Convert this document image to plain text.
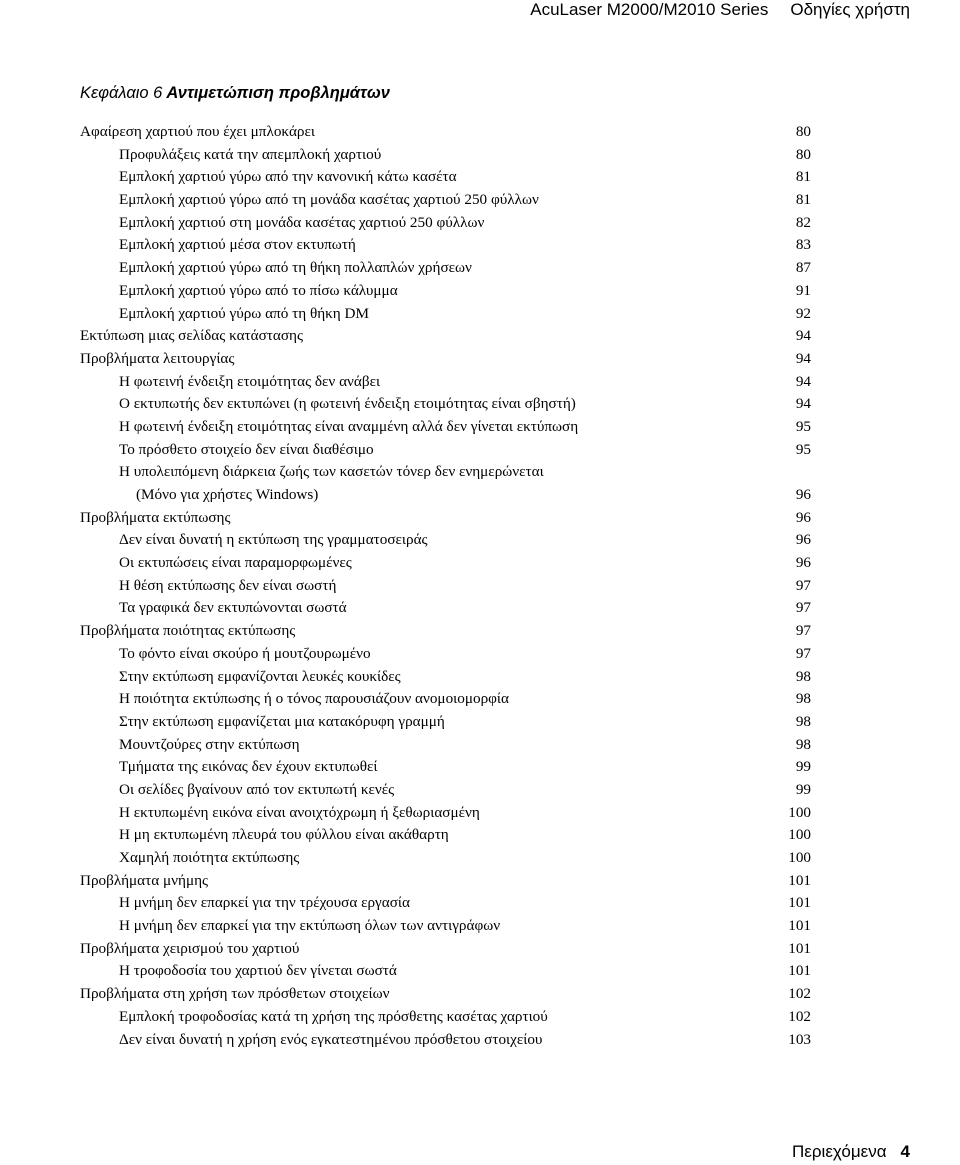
AcuLaser M2000/M2010 Series Οδηγίες χρήστη
Κεφάλαιο 6 Αντιμετώπιση προβλημάτων
Αφαίρεση χαρτιού που έχει μπλοκάρει	80
Προφυλάξεις κατά την απεμπλοκή χαρτιού	80
Εμπλοκή χαρτιού γύρω από την κανονική κάτω κασέτα	81
Εμπλοκή χαρτιού γύρω από τη μονάδα κασέτας χαρτιού 250 φύλλων	81
Εμπλοκή χαρτιού στη μονάδα κασέτας χαρτιού 250 φύλλων	82
Εμπλοκή χαρτιού μέσα στον εκτυπωτή	83
Εμπλοκή χαρτιού γύρω από τη θήκη πολλαπλών χρήσεων	87
Εμπλοκή χαρτιού γύρω από το πίσω κάλυμμα	91
Εμπλοκή χαρτιού γύρω από τη θήκη DM	92
Εκτύπωση μιας σελίδας κατάστασης	94
Προβλήματα λειτουργίας	94
Η φωτεινή ένδειξη ετοιμότητας δεν ανάβει	94
Ο εκτυπωτής δεν εκτυπώνει (η φωτεινή ένδειξη ετοιμότητας είναι σβηστή)	94
Η φωτεινή ένδειξη ετοιμότητας είναι αναμμένη αλλά δεν γίνεται εκτύπωση	95
Το πρόσθετο στοιχείο δεν είναι διαθέσιμο	95
Η υπολειπόμενη διάρκεια ζωής των κασετών τόνερ δεν ενημερώνεται
(Μόνο για χρήστες Windows)	96
Προβλήματα εκτύπωσης	96
Δεν είναι δυνατή η εκτύπωση της γραμματοσειράς	96
Οι εκτυπώσεις είναι παραμορφωμένες	96
Η θέση εκτύπωσης δεν είναι σωστή	97
Τα γραφικά δεν εκτυπώνονται σωστά	97
Προβλήματα ποιότητας εκτύπωσης	97
Το φόντο είναι σκούρο ή μουτζουρωμένο	97
Στην εκτύπωση εμφανίζονται λευκές κουκίδες	98
Η ποιότητα εκτύπωσης ή ο τόνος παρουσιάζουν ανομοιομορφία	98
Στην εκτύπωση εμφανίζεται μια κατακόρυφη γραμμή	98
Μουντζούρες στην εκτύπωση	98
Τμήματα της εικόνας δεν έχουν εκτυπωθεί	99
Οι σελίδες βγαίνουν από τον εκτυπωτή κενές	99
Η εκτυπωμένη εικόνα είναι ανοιχτόχρωμη ή ξεθωριασμένη	100
Η μη εκτυπωμένη πλευρά του φύλλου είναι ακάθαρτη	100
Χαμηλή ποιότητα εκτύπωσης	100
Προβλήματα μνήμης	101
Η μνήμη δεν επαρκεί για την τρέχουσα εργασία	101
Η μνήμη δεν επαρκεί για την εκτύπωση όλων των αντιγράφων	101
Προβλήματα χειρισμού του χαρτιού	101
Η τροφοδοσία του χαρτιού δεν γίνεται σωστά	101
Προβλήματα στη χρήση των πρόσθετων στοιχείων	102
Εμπλοκή τροφοδοσίας κατά τη χρήση της πρόσθετης κασέτας χαρτιού	102
Δεν είναι δυνατή η χρήση ενός εγκατεστημένου πρόσθετου στοιχείου	103
Περιεχόμενα 4
